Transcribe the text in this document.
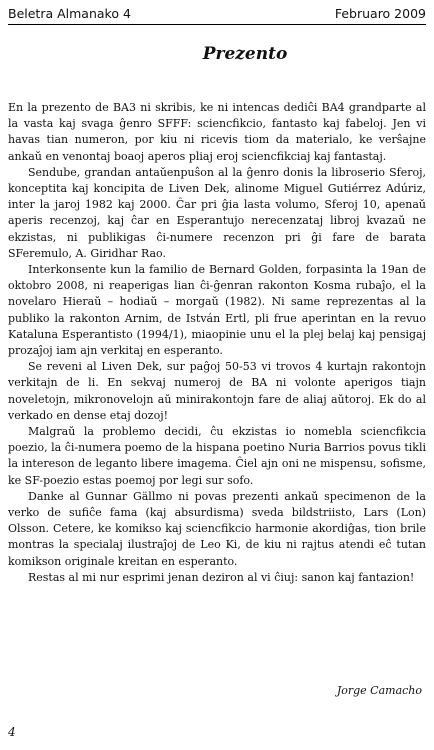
Beletra Almanako 4	Februaro 2009
Prezento

En la prezento de BA3 ni skribis, ke ni intencas dediĉi BA4 grandparte al la vasta kaj svaga ĝenro SFFF: sciencfikcio, fantasto kaj fabeloj. Jen vi havas tian numeron, por kiu ni ricevis tiom da materialo, ke verŝajne ankaŭ en venontaj boaoj aperos pliaj eroj sciencfikciaj kaj fantastaj.

Sendube, grandan antaŭenpuŝon al la ĝenro donis la libroserio Sferoj, konceptita kaj koncipita de Liven Dek, alinome Miguel Gutiérrez Adúriz, inter la jaroj 1982 kaj 2000. Ĉar pri ĝia lasta volumo, Sferoj 10, apenaŭ aperis recenzoj, kaj ĉar en Esperantujo nerecenzataj libroj kvazaŭ ne ekzistas, ni publikigas ĉi-numere recenzon pri ĝi fare de barata SFeremulo, A. Giridhar Rao.

Interkonsente kun la familio de Bernard Golden, forpasinta la 19an de oktobro 2008, ni reaperigas lian ĉi-ĝenran rakonton Kosma rubaĵo, el la novelaro Hieraŭ – hodiaŭ – morgaŭ (1982). Ni same reprezentas al la publiko la rakonton Arnim, de István Ertl, pli frue aperintan en la revuo Kataluna Esperantisto (1994/1), miaopinie unu el la plej belaj kaj pensigaj prozaĵoj iam ajn verkitaj en esperanto.

Se reveni al Liven Dek, sur paĝoj 50-53 vi trovos 4 kurtajn rakontojn verkitajn de li. En sekvaj numeroj de BA ni volonte aperigos tiajn noveletojn, mikronovelojn aŭ minirakontojn fare de aliaj aŭtoroj. Ek do al verkado en dense etaj dozoj!

Malgraŭ la problemo decidi, ĉu ekzistas io nomebla sciencfikcia poezio, la ĉi-numera poemo de la hispana poetino Nuria Barrios povus tikli la intereson de leganto libere imagema. Ĉiel ajn oni ne mispensu, sofisme, ke SF-poezio estas poemoj por legi sur sofo.

Danke al Gunnar Gällmo ni povas prezenti ankaŭ specimenon de la verko de sufiĉe fama (kaj absurdisma) sveda bildstriisto, Lars (Lon) Olsson. Cetere, ke komikso kaj sciencfikcio harmonie akordiĝas, tion brile montras la specialaj ilustraĵoj de Leo Ki, de kiu ni rajtus atendi eĉ tutan komikson originale kreitan en esperanto.

Restas al mi nur esprimi jenan deziron al vi ĉiuj: sanon kaj fantazion!

Jorge Camacho
4
